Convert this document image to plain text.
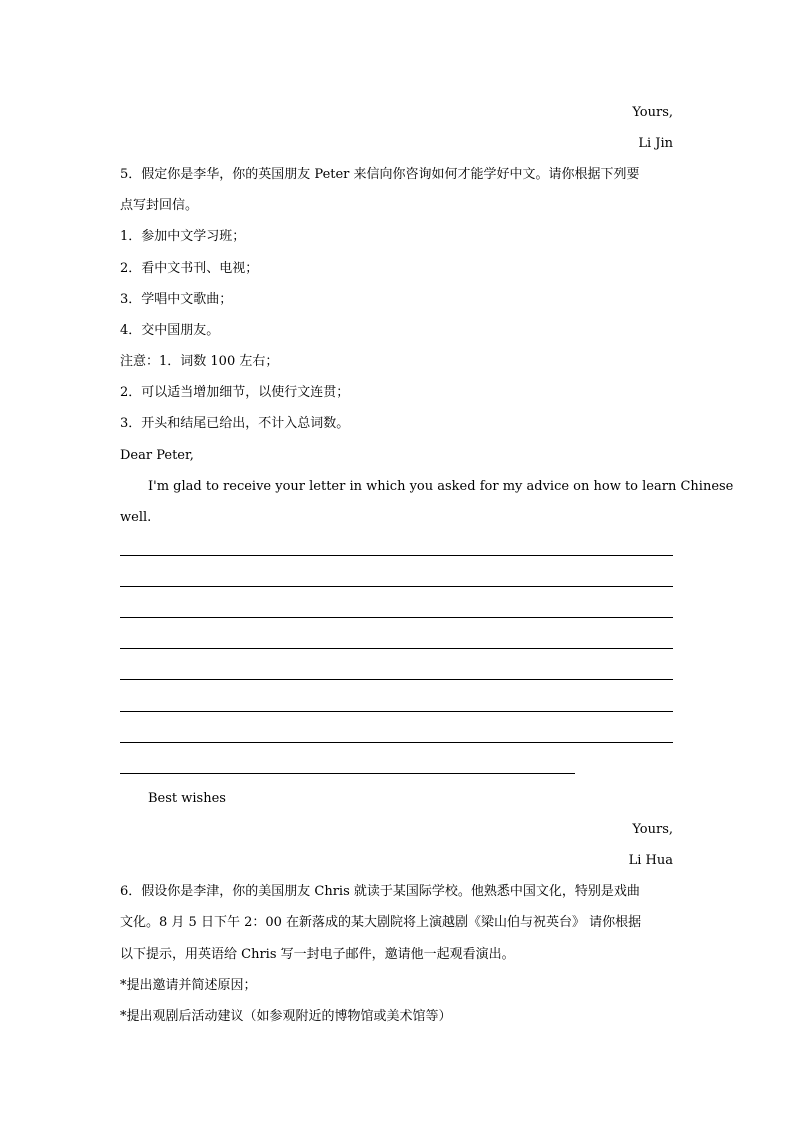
Yours,
Li Jin
5．假定你是李华，你的英国朋友 Peter 来信向你咨询如何才能学好中文。请你根据下列要
点写封回信。
1．参加中文学习班；
2．看中文书刊、电视；
3．学唱中文歌曲；
4．交中国朋友。
注意：1．词数 100 左右；
2．可以适当增加细节，以使行文连贯；
3．开头和结尾已给出，不计入总词数。
Dear Peter,
I'm glad to receive your letter in which you asked for my advice on how to learn Chinese
well.
Best wishes
Yours,
Li Hua
6．假设你是李津，你的美国朋友 Chris 就读于某国际学校。他熟悉中国文化，特别是戏曲
文化。8 月 5 日下午 2：00 在新落成的某大剧院将上演越剧《梁山伯与祝英台》 请你根据
以下提示，用英语给 Chris 写一封电子邮件，邀请他一起观看演出。
*提出邀请并简述原因；
*提出观剧后活动建议（如参观附近的博物馆或美术馆等）
